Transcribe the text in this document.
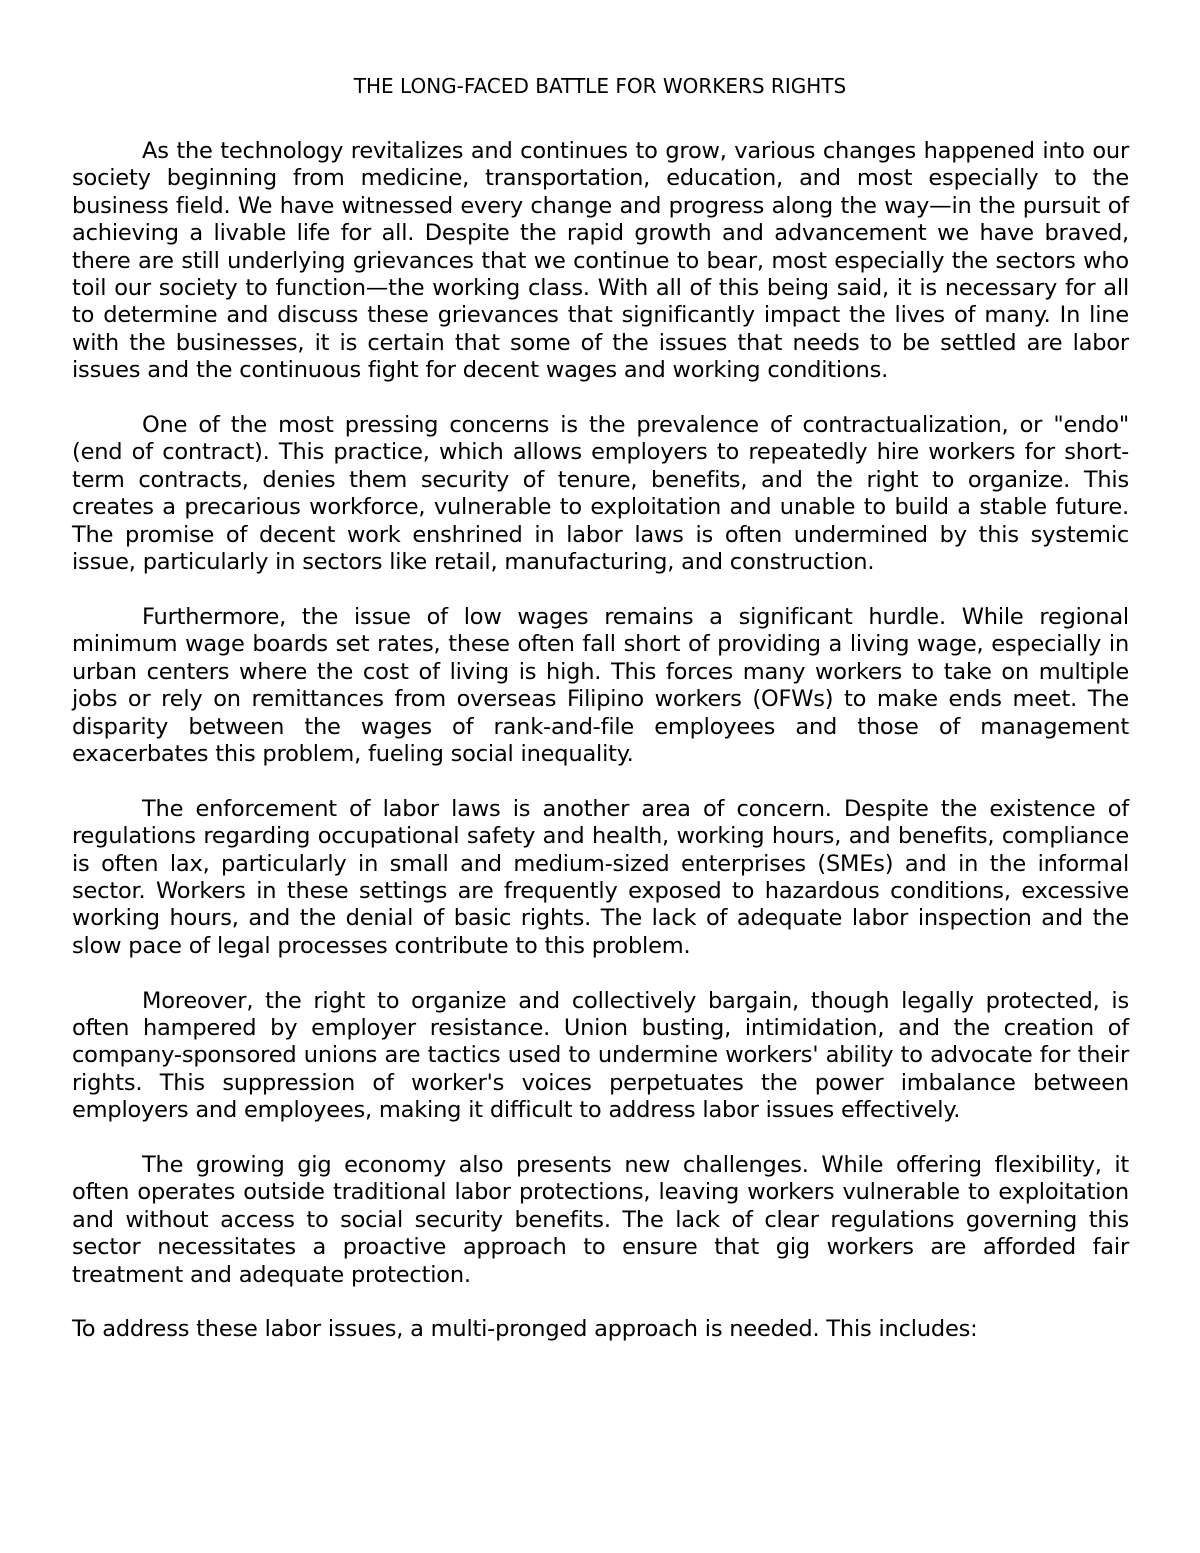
THE LONG-FACED BATTLE FOR WORKERS RIGHTS

As the technology revitalizes and continues to grow, various changes happened into our society beginning from medicine, transportation, education, and most especially to the business field. We have witnessed every change and progress along the way—in the pursuit of achieving a livable life for all. Despite the rapid growth and advancement we have braved, there are still underlying grievances that we continue to bear, most especially the sectors who toil our society to function—the working class. With all of this being said, it is necessary for all to determine and discuss these grievances that significantly impact the lives of many. In line with the businesses, it is certain that some of the issues that needs to be settled are labor issues and the continuous fight for decent wages and working conditions.

One of the most pressing concerns is the prevalence of contractualization, or "endo" (end of contract). This practice, which allows employers to repeatedly hire workers for short-term contracts, denies them security of tenure, benefits, and the right to organize. This creates a precarious workforce, vulnerable to exploitation and unable to build a stable future. The promise of decent work enshrined in labor laws is often undermined by this systemic issue, particularly in sectors like retail, manufacturing, and construction.

Furthermore, the issue of low wages remains a significant hurdle. While regional minimum wage boards set rates, these often fall short of providing a living wage, especially in urban centers where the cost of living is high. This forces many workers to take on multiple jobs or rely on remittances from overseas Filipino workers (OFWs) to make ends meet. The disparity between the wages of rank-and-file employees and those of management exacerbates this problem, fueling social inequality.

The enforcement of labor laws is another area of concern. Despite the existence of regulations regarding occupational safety and health, working hours, and benefits, compliance is often lax, particularly in small and medium-sized enterprises (SMEs) and in the informal sector. Workers in these settings are frequently exposed to hazardous conditions, excessive working hours, and the denial of basic rights. The lack of adequate labor inspection and the slow pace of legal processes contribute to this problem.

Moreover, the right to organize and collectively bargain, though legally protected, is often hampered by employer resistance. Union busting, intimidation, and the creation of company-sponsored unions are tactics used to undermine workers' ability to advocate for their rights. This suppression of worker's voices perpetuates the power imbalance between employers and employees, making it difficult to address labor issues effectively.

The growing gig economy also presents new challenges. While offering flexibility, it often operates outside traditional labor protections, leaving workers vulnerable to exploitation and without access to social security benefits. The lack of clear regulations governing this sector necessitates a proactive approach to ensure that gig workers are afforded fair treatment and adequate protection.

To address these labor issues, a multi-pronged approach is needed. This includes:
